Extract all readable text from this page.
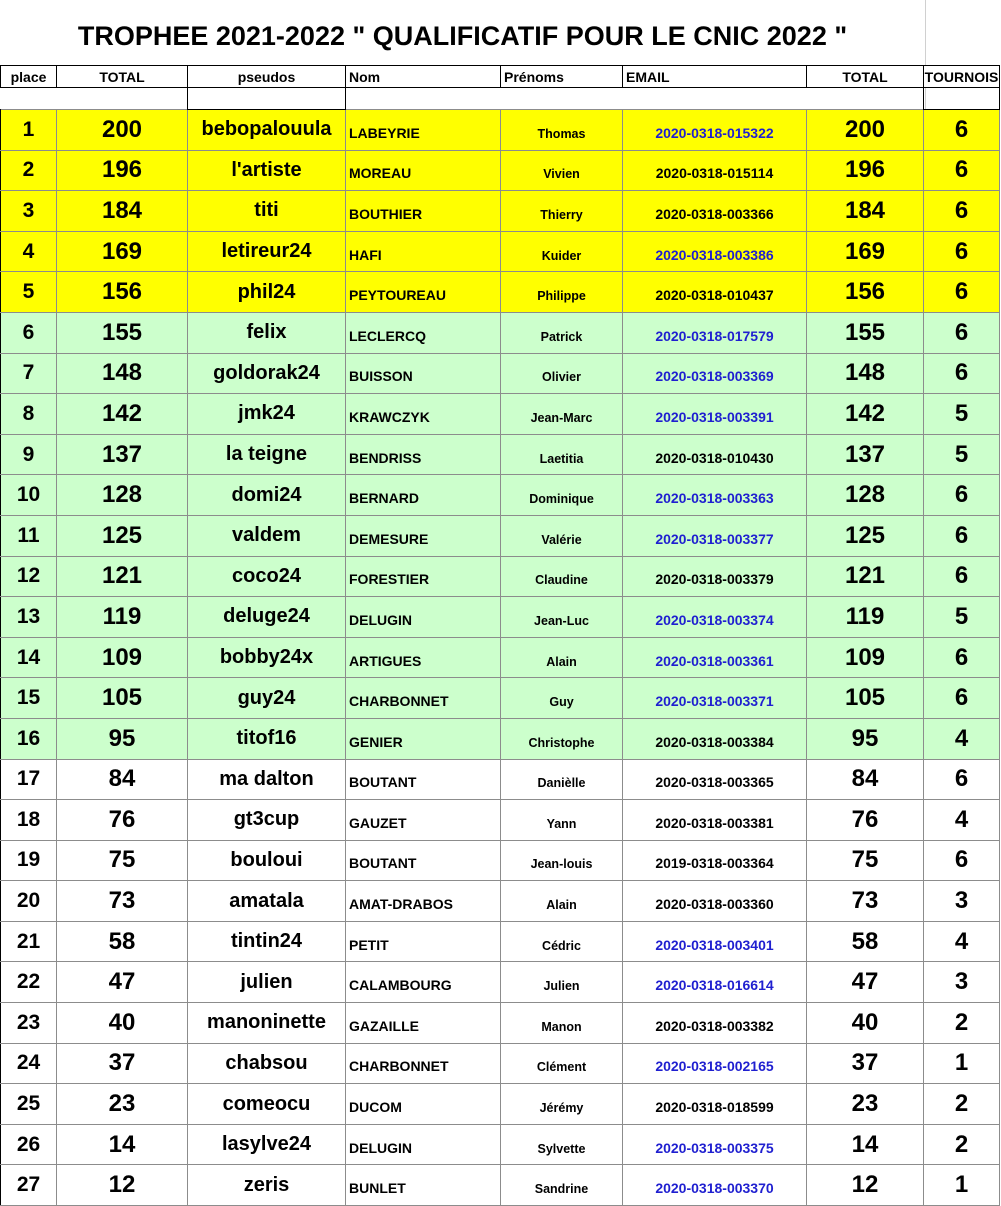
TROPHEE 2021-2022 " QUALIFICATIF POUR LE CNIC 2022 "
place	TOTAL	pseudos	Nom	Prénoms	EMAIL	TOTAL	TOURNOIS

1	200	bebopalouula	LABEYRIE	Thomas	2020-0318-015322	200	6
2	196	l'artiste	MOREAU	Vivien	2020-0318-015114	196	6
3	184	titi	BOUTHIER	Thierry	2020-0318-003366	184	6
4	169	letireur24	HAFI	Kuider	2020-0318-003386	169	6
5	156	phil24	PEYTOUREAU	Philippe	2020-0318-010437	156	6
6	155	felix	LECLERCQ	Patrick	2020-0318-017579	155	6
7	148	goldorak24	BUISSON	Olivier	2020-0318-003369	148	6
8	142	jmk24	KRAWCZYK	Jean-Marc	2020-0318-003391	142	5
9	137	la teigne	BENDRISS	Laetitia	2020-0318-010430	137	5
10	128	domi24	BERNARD	Dominique	2020-0318-003363	128	6
11	125	valdem	DEMESURE	Valérie	2020-0318-003377	125	6
12	121	coco24	FORESTIER	Claudine	2020-0318-003379	121	6
13	119	deluge24	DELUGIN	Jean-Luc	2020-0318-003374	119	5
14	109	bobby24x	ARTIGUES	Alain	2020-0318-003361	109	6
15	105	guy24	CHARBONNET	Guy	2020-0318-003371	105	6
16	95	titof16	GENIER	Christophe	2020-0318-003384	95	4
17	84	ma dalton	BOUTANT	Danièlle	2020-0318-003365	84	6
18	76	gt3cup	GAUZET	Yann	2020-0318-003381	76	4
19	75	bouloui	BOUTANT	Jean-louis	2019-0318-003364	75	6
20	73	amatala	AMAT-DRABOS	Alain	2020-0318-003360	73	3
21	58	tintin24	PETIT	Cédric	2020-0318-003401	58	4
22	47	julien	CALAMBOURG	Julien	2020-0318-016614	47	3
23	40	manoninette	GAZAILLE	Manon	2020-0318-003382	40	2
24	37	chabsou	CHARBONNET	Clément	2020-0318-002165	37	1
25	23	comeocu	DUCOM	Jérémy	2020-0318-018599	23	2
26	14	lasylve24	DELUGIN	Sylvette	2020-0318-003375	14	2
27	12	zeris	BUNLET	Sandrine	2020-0318-003370	12	1
